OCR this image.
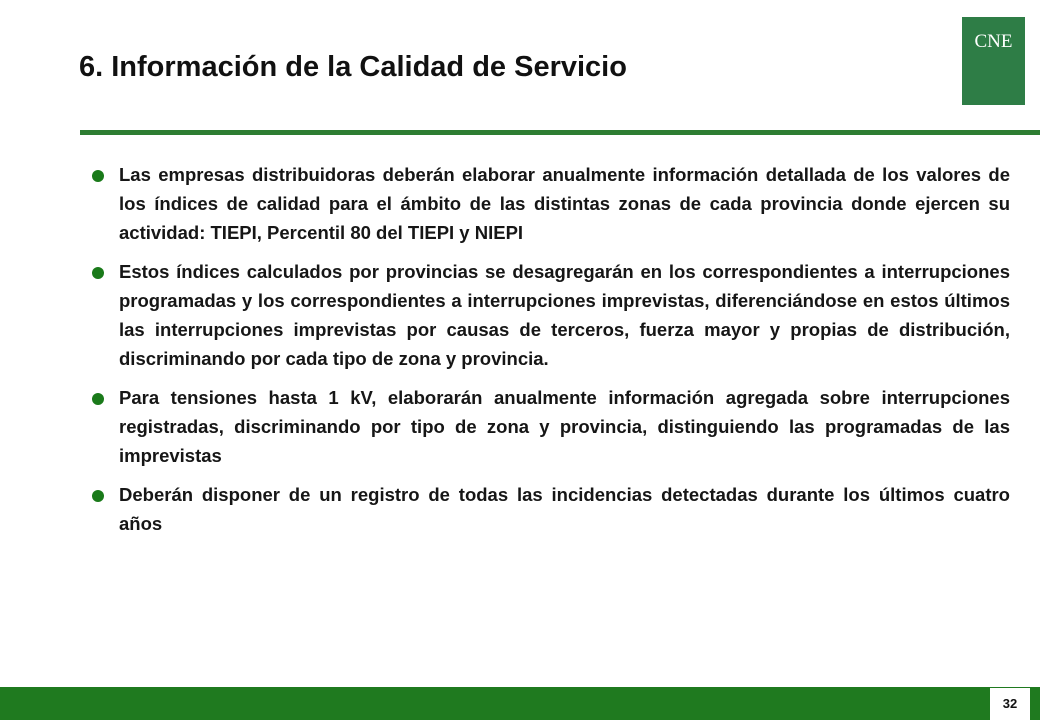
6. Información de la Calidad de Servicio
CNE
Las empresas distribuidoras deberán elaborar anualmente información detallada de los valores de los índices de calidad para el ámbito de las distintas zonas de cada provincia donde ejercen su actividad: TIEPI, Percentil 80 del TIEPI y NIEPI
Estos índices calculados por provincias se desagregarán en los correspondientes a interrupciones programadas y los correspondientes a interrupciones imprevistas, diferenciándose en estos últimos las interrupciones imprevistas por causas de terceros, fuerza mayor y propias de distribución, discriminando por cada tipo de zona y provincia.
Para tensiones hasta 1 kV, elaborarán anualmente información agregada sobre interrupciones registradas, discriminando por tipo de zona y provincia, distinguiendo las programadas de las imprevistas
Deberán disponer de un registro de todas las incidencias detectadas durante los últimos cuatro años
32
